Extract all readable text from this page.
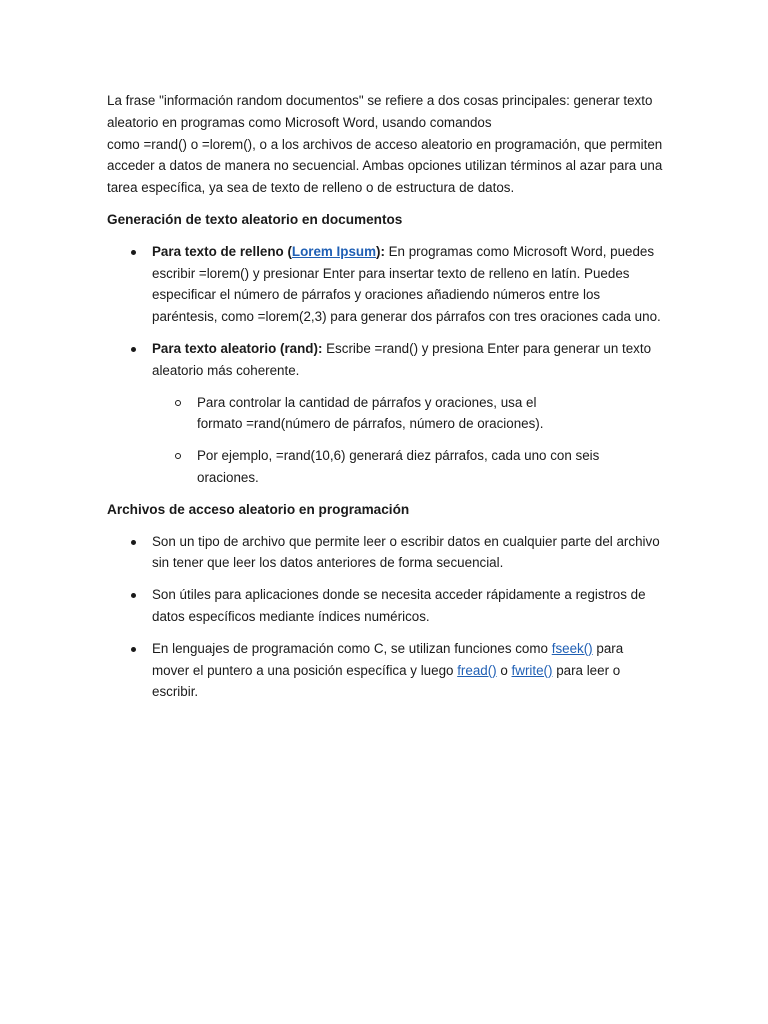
La frase "información random documentos" se refiere a dos cosas principales: generar texto aleatorio en programas como Microsoft Word, usando comandos
como =rand() o =lorem(), o a los archivos de acceso aleatorio en programación, que permiten acceder a datos de manera no secuencial. Ambas opciones utilizan términos al azar para una tarea específica, ya sea de texto de relleno o de estructura de datos.

Generación de texto aleatorio en documentos
Para texto de relleno (Lorem Ipsum): En programas como Microsoft Word, puedes escribir =lorem() y presionar Enter para insertar texto de relleno en latín. Puedes especificar el número de párrafos y oraciones añadiendo números entre los paréntesis, como =lorem(2,3) para generar dos párrafos con tres oraciones cada uno.
Para texto aleatorio (rand): Escribe =rand() y presiona Enter para generar un texto aleatorio más coherente.
Para controlar la cantidad de párrafos y oraciones, usa el
formato =rand(número de párrafos, número de oraciones).
Por ejemplo, =rand(10,6) generará diez párrafos, cada uno con seis oraciones.
Archivos de acceso aleatorio en programación
Son un tipo de archivo que permite leer o escribir datos en cualquier parte del archivo sin tener que leer los datos anteriores de forma secuencial.
Son útiles para aplicaciones donde se necesita acceder rápidamente a registros de datos específicos mediante índices numéricos.
En lenguajes de programación como C, se utilizan funciones como fseek() para mover el puntero a una posición específica y luego fread() o fwrite() para leer o escribir.
